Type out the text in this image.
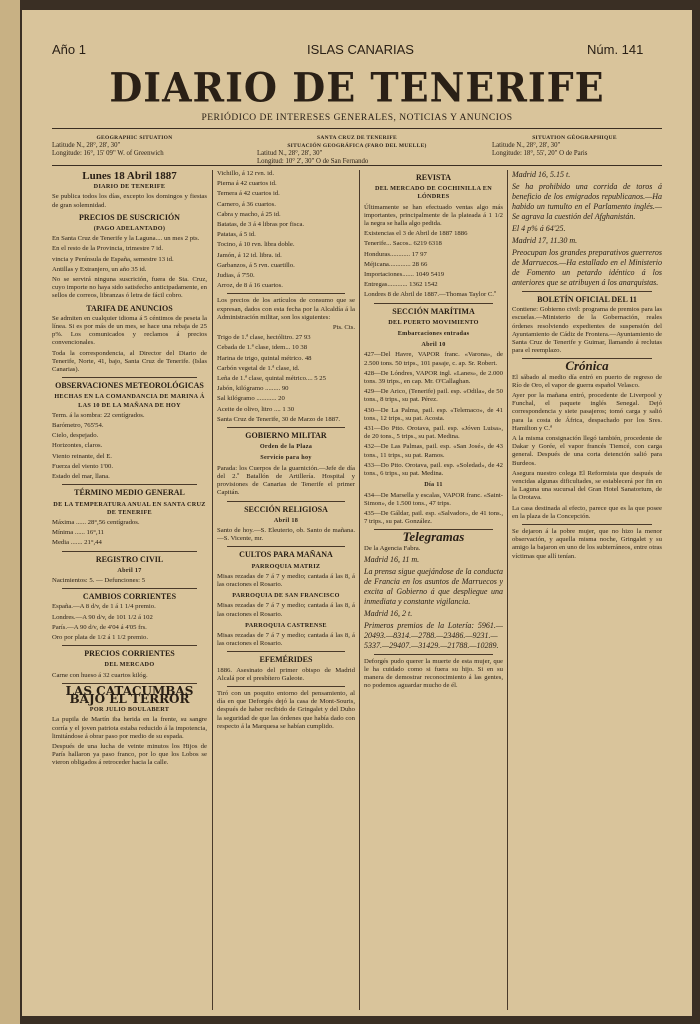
Año 1	ISLAS CANARIAS	Núm. 141
DIARIO DE TENERIFE
PERIÓDICO DE INTERESES GENERALES, NOTICIAS Y ANUNCIOS
GEOGRAPHIC SITUATION
Latitude N., 28°, 28', 30"
Longitude: 16°, 15' 09" W. of Greenwich
SANTA CRUZ DE TENERIFE
SITUACIÓN GEOGRÁFICA (FARO DEL MUELLE)
Latitud N., 28°, 28', 30"
Longitud: 10° 2', 30" O de San Fernando
SITUATION GÉOGRAPHIQUE
Latitude N., 28°, 28', 30"
Longitude: 18°, 55', 20" O de Paris
Lunes 18 Abril 1887
DIARIO DE TENERIFE

Se publica todos los días, excepto los domingos y fiestas de gran solemnidad.

PRECIOS DE SUSCRICIÓN
(PAGO ADELANTADO)

En Santa Cruz de Tenerife y la Laguna.... un mes 2 pts.

En el resto de la Provincia, trimestre 7 id.

vincia y Península de España, semestre 13 id.

Antillas y Extranjero, un año 35 id.

No se servirá ninguna suscrición, fuera de Sta. Cruz, cuyo importe no haya sido satisfecho anticipadamente, en sellos de correos, libranzas ó letra de fácil cobro.

TARIFA DE ANUNCIOS

Se admiten en cualquier idioma á 5 céntimos de peseta la línea. Si es por más de un mes, se hace una rebaja de 25 p%. Los comunicados y reclamos á precios convencionales.

Toda la correspondencia, al Director del Diario de Tenerife, Norte, 41, bajo, Santa Cruz de Tenerife. (Islas Canarias).

OBSERVACIONES METEOROLÓGICAS
HECHAS EN LA COMANDANCIA DE MARINA Á LAS 10 DE LA MAÑANA DE HOY

Term. á la sombra: 22 centígrados.

Barómetro, 765'54.

Cielo, despejado.

Horizontes, claros.

Viento reinante, del E.

Fuerza del viento 1'00.

Estado del mar, llana.

TÉRMINO MEDIO GENERAL
DE LA TEMPERATURA ANUAL EN SANTA CRUZ DE TENERIFE

Máxima ...... 28°,56 centígrados.

Mínima ...... 16°,11

Media ....... 21°,44

REGISTRO CIVIL
Abril 17

Nacimientos: 5. — Defunciones: 5

CAMBIOS CORRIENTES

España.—A 8 d/v, de 1 á 1 1/4 premio.

Londres.—A 90 d/v, de 101 1/2 á 102

París.—A 90 d/v, de 4'04 á 4'05 frs.

Oro por plata de 1/2 á 1 1/2 premio.

PRECIOS CORRIENTES
DEL MERCADO

Carne con hueso á 32 cuartos kilóg.

LAS CATACUMBAS BAJO EL TERROR
POR JULIO BOULABERT

La pupila de Martín iba herida en la frente, su sangre corría y el joven patriota estaba reducido á la impotencia, limitándose á obrar paso por medio de su espada.

Después de una lucha de veinte minutos los Hijos de París hallaron ya paso franco, por lo que los Lobos se vieron obligados á retroceder hacia la calle.

Vichillo, á 12 rvn. id.

Pierna á 42 cuartos id.

Ternera á 42 cuartos id.

Carnero, á 36 cuartos.

Cabra y macho, á 25 id.

Batatas, de 3 á 4 libras por fisca.

Patatas, á 5 id.

Tocino, á 10 rvn. libra doble.

Jamón, á 12 id. libra. id.

Garbanzos, á 5 rvn. cuartillo.

Judias, á 7'50.

Arroz, de 8 á 16 cuartos.

Los precios de los artículos de consumo que se expresan, dados con esta fecha por la Alcaldía á la Administración militar, son los siguientes:

Pts. Cts.

Trigo de 1.ª clase, hectólitro. 27 93

Cebada de 1.ª clase, idem... 10 38

Harina de trigo, quintal métrico. 48

Carbón vegetal de 1.ª clase, id.

Leña de 1.ª clase, quintal métrico.... 5 25

Jabón, kilógramo ......... 90

Sal kilógramo ............ 20

Aceite de olivo, litro .... 1 30

Santa Cruz de Tenerife, 30 de Marzo de 1887.

GOBIERNO MILITAR
Orden de la Plaza
Servicio para hoy

Parada: los Cuerpos de la guarnición.—Jefe de día del 2.º Batallón de Artillería. Hospital y provisiones de Canarias de Tenerife el primer Capitán.

SECCIÓN RELIGIOSA
Abril 18

Santo de hoy.—S. Eleuterio, ob. Santo de mañana.—S. Vicente, mr.

CULTOS PARA MAÑANA
PARROQUIA MATRIZ

Misas rezadas de 7 á 7 y medio; cantada á las 8, á las oraciones el Rosario.

PARROQUIA DE SAN FRANCISCO

Misas rezadas de 7 á 7 y medio; cantada á las 8, á las oraciones el Rosario.

PARROQUIA CASTRENSE

Misas rezadas de 7 á 7 y medio; cantada á las 8, á las oraciones el Rosario.

EFEMÉRIDES

1886. Asesinato del primer obispo de Madrid Alcalá por el presbítero Galeote.

Tiró con un poquito entorno del pensamiento, al día en que Deforgés dejó la casa de Mont-Souris, después de haber recibido de Gringalet y del Duho la seguridad de que las órdenes que había dado con respecto á la Marquesa se habían cumplido.

REVISTA
DEL MERCADO DE COCHINILLA EN LÓNDRES

Últimamente se han efectuado ventas algo más importantes, principalmente de la plateada á 1 1/2 la negra se halla algo pedida.

Existencias el 3 de Abril de 1887 1886

Tenerife... Sacos.. 6219 6318

Honduras............ 17 97

Méjicana............. 28 66

Importaciones....... 1049 5419

Entregas............ 1362 1542

Londres 8 de Abril de 1887.—Thomas Taylor C.º

SECCIÓN MARÍTIMA
DEL PUERTO MOVIMIENTO
Embarcaciones entradas
Abril 10

427—Del Havre, VAPOR franc. «Varona», de 2.500 tons. 50 trips., 101 pasaje, c. ap. Sr. Robert.

428—De Lóndres, VAPOR ingl. «Lanes», de 2.000 tons. 39 trips., en cap. Mr. O'Callaghan.

429—De Arico, (Tenerife) pail. esp. «Odila», de 50 tons., 8 trips., su pat. Pérez.

430—De La Palma, pail. esp. «Telemaco», de 41 tons., 12 trips., su pat. Acosta.

431—Do Ptto. Orotava, pail. esp. «Jóven Luisa», de 20 tons., 5 trips., su pat. Medina.

432—De Las Palmas, pail. esp. «San José», de 43 tons., 11 trips., su pat. Ramos.

433—Do Ptto. Orotava, pail. esp. «Soledad», de 42 tons., 6 trips., su pat. Medina.

Día 11

434—De Marsella y escalas, VAPOR franc. «Saint-Simon», de 1.500 tons., 47 trips.

435—De Gáldar, pail. esp. «Salvador», de 41 tons., 7 trips., su pat. González.

Telegramas

De la Agencia Fabra.

Madrid 16, 11 m.

La prensa sigue quejándose de la conducta de Francia en los asuntos de Marruecos y excita al Gobierno á que despliegue una inmediata y constante vigilancia.

Madrid 16, 2 t.

Primeros premios de la Lotería: 5961.—20493.—8314.—2788.—23486.—9231.—5337.—29407.—31429.—21788.—10289.

Deforgés pudo querer la muerte de esta mujer, que le ha cuidado como si fuera su hijo. Si en su manera de demostrar reconocimiento á las gentes, no podemos aguardar mucho de él.

Madrid 16, 5.15 t.

Se ha prohibido una corrida de toros á beneficio de los emigrados republicanos.—Ha habido un tumulto en el Parlamento inglés.—Se agrava la cuestión del Afghanistán.

El 4 p% á 64'25.

Madrid 17, 11.30 m.

Preocupan los grandes preparativos guerreros de Marruecos.—Ha estallado en el Ministerio de Fomento un petardo idéntico á los anteriores que se atribuyen á los anarquistas.

BOLETÍN OFICIAL DEL 11

Contiene: Gobierno civil: programa de premios para las escuelas.—Ministerio de la Gobernación, reales órdenes resolviendo expedientes de suspensión del Ayuntamiento de Cádiz de Frontera.—Ayuntamiento de Santa Cruz de Tenerife y Guimar, llamando á reclutas para el reemplazo.

Crónica

El sábado al medio día entró en puerto de regreso de Río de Oro, el vapor de guerra español Velasco.

Ayer por la mañana entró, procedente de Liverpool y Funchal, el paquete inglés Senegal. Dejó correspondencia y siete pasajeros; tomó carga y salió para la costa de África, despachado por los Sres. Hamilton y C.ª

A la misma consignación llegó también, procedente de Dakar y Gorée, el vapor francés Tiemcé, con carga general. Después de una corta detención salió para Burdeos.

Asegura nuestro colega El Reformista que después de vencidas algunas dificultades, se establecerá por fin en la Laguna una sucursal del Gran Hotel Sanatorium, de la Orotava.

La casa destinada al efecto, parece que es la que posee en la plaza de la Concepción.

Se dejaron á la pobre mujer, que no hizo la menor observación, y aquella misma noche, Gringalet y su amigo la bajaron en uno de los subterráneos, entre otras víctimas que allí tenían.
